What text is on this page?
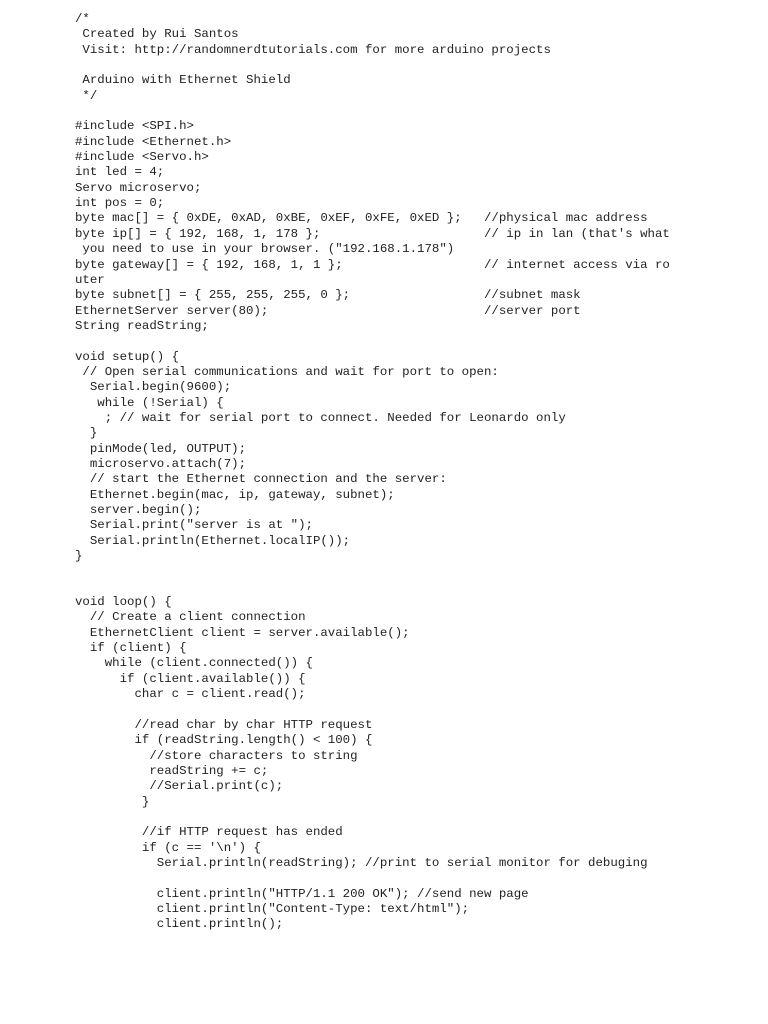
/*
Created by Rui Santos
Visit: http://randomnerdtutorials.com for more arduino projects
Arduino with Ethernet Shield
*/
#include <SPI.h>
#include <Ethernet.h>
#include <Servo.h>
int led = 4;
Servo microservo;
int pos = 0;
byte mac[] = { 0xDE, 0xAD, 0xBE, 0xEF, 0xFE, 0xED };   //physical mac address
byte ip[] = { 192, 168, 1, 178 };                      // ip in lan (that's what
you need to use in your browser. ("192.168.1.178")
byte gateway[] = { 192, 168, 1, 1 };                   // internet access via ro
uter
byte subnet[] = { 255, 255, 255, 0 };                  //subnet mask
EthernetServer server(80);                             //server port
String readString;
void setup() {
// Open serial communications and wait for port to open:
Serial.begin(9600);
while (!Serial) {
; // wait for serial port to connect. Needed for Leonardo only
}
pinMode(led, OUTPUT);
microservo.attach(7);
// start the Ethernet connection and the server:
Ethernet.begin(mac, ip, gateway, subnet);
server.begin();
Serial.print("server is at ");
Serial.println(Ethernet.localIP());
}
void loop() {
// Create a client connection
EthernetClient client = server.available();
if (client) {
while (client.connected()) {
if (client.available()) {
char c = client.read();
//read char by char HTTP request
if (readString.length() < 100) {
//store characters to string
readString += c;
//Serial.print(c);
}
//if HTTP request has ended
if (c == '\n') {
Serial.println(readString); //print to serial monitor for debuging
client.println("HTTP/1.1 200 OK"); //send new page
client.println("Content-Type: text/html");
client.println();
